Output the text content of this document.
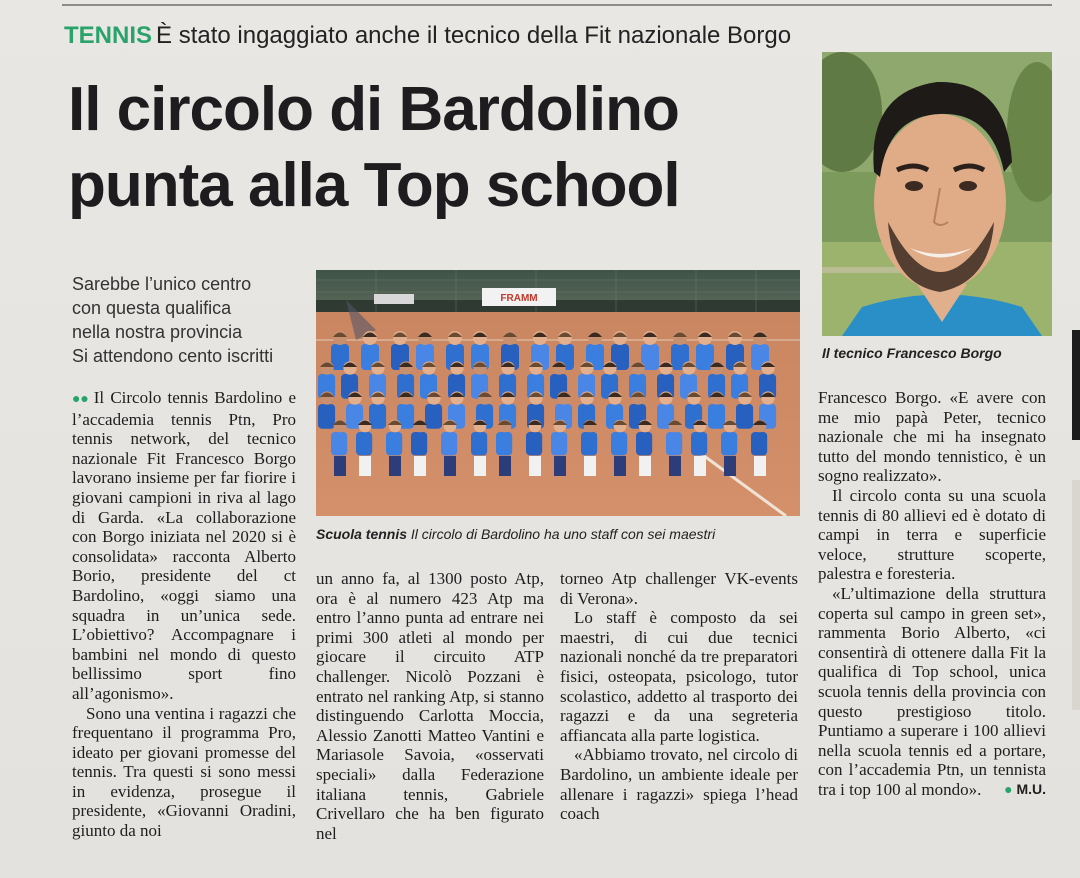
TENNIS È stato ingaggiato anche il tecnico della Fit nazionale Borgo
Il circolo di Bardolino
punta alla Top school
Sarebbe l’unico centro
con questa qualifica
nella nostra provincia
Si attendono cento iscritti
FRAMM
Scuola tennis Il circolo di Bardolino ha uno staff con sei maestri
Il tecnico Francesco Borgo

●● Il Circolo tennis Bardolino e l’accademia tennis Ptn, Pro tennis network, del tecnico nazionale Fit Francesco Borgo lavorano insieme per far fiorire i giovani campioni in riva al lago di Garda. «La collaborazione con Borgo iniziata nel 2020 si è consolidata» racconta Alberto Borio, presidente del ct Bardolino, «oggi siamo una squadra in un’unica sede. L’obiettivo? Accompagnare i bambini nel mondo di questo bellissimo sport fino all’agonismo».

Sono una ventina i ragazzi che frequentano il programma Pro, ideato per giovani promesse del tennis. Tra questi si sono messi in evidenza, prosegue il presidente, «Giovanni Oradini, giunto da noi

un anno fa, al 1300 posto Atp, ora è al numero 423 Atp ma entro l’anno punta ad entrare nei primi 300 atleti al mondo per giocare il circuito ATP challenger. Nicolò Pozzani è entrato nel ranking Atp, si stanno distinguendo Carlotta Moccia, Alessio Zanotti Matteo Vantini e Mariasole Savoia, «osservati speciali» dalla Federazione italiana tennis, Gabriele Crivellaro che ha ben figurato nel

torneo Atp challenger VK-events di Verona».

Lo staff è composto da sei maestri, di cui due tecnici nazionali nonché da tre preparatori fisici, osteopata, psicologo, tutor scolastico, addetto al trasporto dei ragazzi e da una segreteria affiancata alla parte logistica.

«Abbiamo trovato, nel circolo di Bardolino, un ambiente ideale per allenare i ragazzi» spiega l’head coach

Francesco Borgo. «E avere con me mio papà Peter, tecnico nazionale che mi ha insegnato tutto del mondo tennistico, è un sogno realizzato».

Il circolo conta su una scuola tennis di 80 allievi ed è dotato di campi in terra e superficie veloce, strutture scoperte, palestra e foresteria.

«L’ultimazione della struttura coperta sul campo in green set», rammenta Borio Alberto, «ci consentirà di ottenere dalla Fit la qualifica di Top school, unica scuola tennis della provincia con questo prestigioso titolo. Puntiamo a superare i 100 allievi nella scuola tennis ed a portare, con l’accademia Ptn, un tennista tra i top 100 al mondo».	● M.U.
